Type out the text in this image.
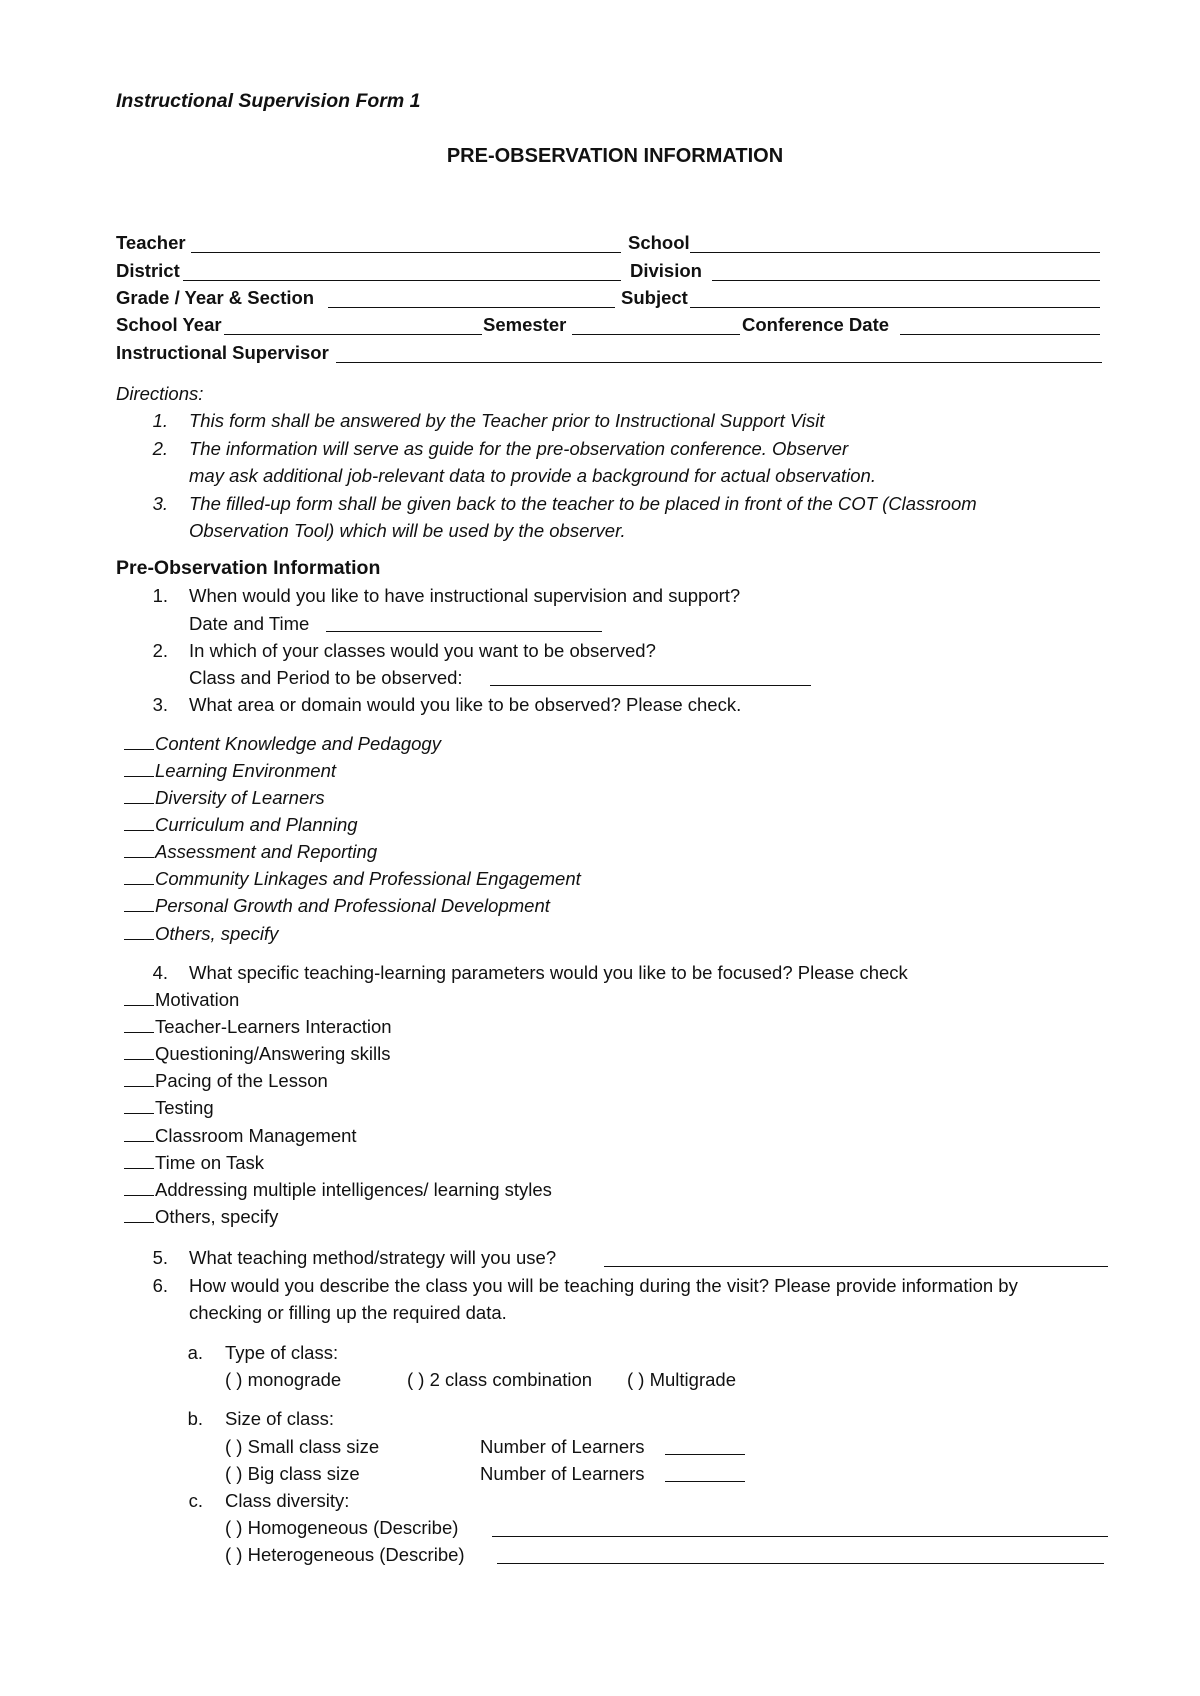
Instructional Supervision Form 1
PRE-OBSERVATION INFORMATION
Teacher	School
District	Division
Grade / Year & Section	Subject
School Year	Semester	Conference Date
Instructional Supervisor
Directions:
1. This form shall be answered by the Teacher prior to Instructional Support Visit
2. The information will serve as guide for the pre-observation conference. Observer
may ask additional job-relevant data to provide a background for actual observation.
3. The filled-up form shall be given back to the teacher to be placed in front of the COT (Classroom
Observation Tool) which will be used by the observer.
Pre-Observation Information
1. When would you like to have instructional supervision and support?
Date and Time
2. In which of your classes would you want to be observed?
Class and Period to be observed:
3. What area or domain would you like to be observed? Please check.
Content Knowledge and Pedagogy
Learning Environment
Diversity of Learners
Curriculum and Planning
Assessment and Reporting
Community Linkages and Professional Engagement
Personal Growth and Professional Development
Others, specify
4. What specific teaching-learning parameters would you like to be focused? Please check
Motivation
Teacher-Learners Interaction
Questioning/Answering skills
Pacing of the Lesson
Testing
Classroom Management
Time on Task
Addressing multiple intelligences/ learning styles
Others, specify
5. What teaching method/strategy will you use?
6. How would you describe the class you will be teaching during the visit? Please provide information by
checking or filling up the required data.
a. Type of class:
( ) monograde	( ) 2 class combination ( ) Multigrade
b. Size of class:
( ) Small class size	Number of Learners
( ) Big class size	Number of Learners
c. Class diversity:
( ) Homogeneous (Describe)
( ) Heterogeneous (Describe)
